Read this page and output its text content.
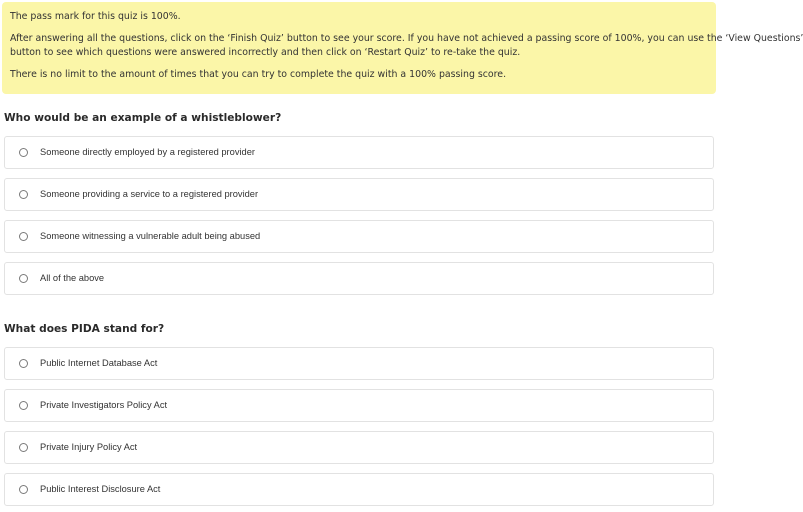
The pass mark for this quiz is 100%.

After answering all the questions, click on the ‘Finish Quiz’ button to see your score. If you have not achieved a passing score of 100%, you can use the ‘View Questions’

button to see which questions were answered incorrectly and then click on ‘Restart Quiz’ to re-take the quiz.

There is no limit to the amount of times that you can try to complete the quiz with a 100% passing score.

Who would be an example of a whistleblower?
Someone directly employed by a registered provider
Someone providing a service to a registered provider
Someone witnessing a vulnerable adult being abused
All of the above
What does PIDA stand for?
Public Internet Database Act
Private Investigators Policy Act
Private Injury Policy Act
Public Interest Disclosure Act
